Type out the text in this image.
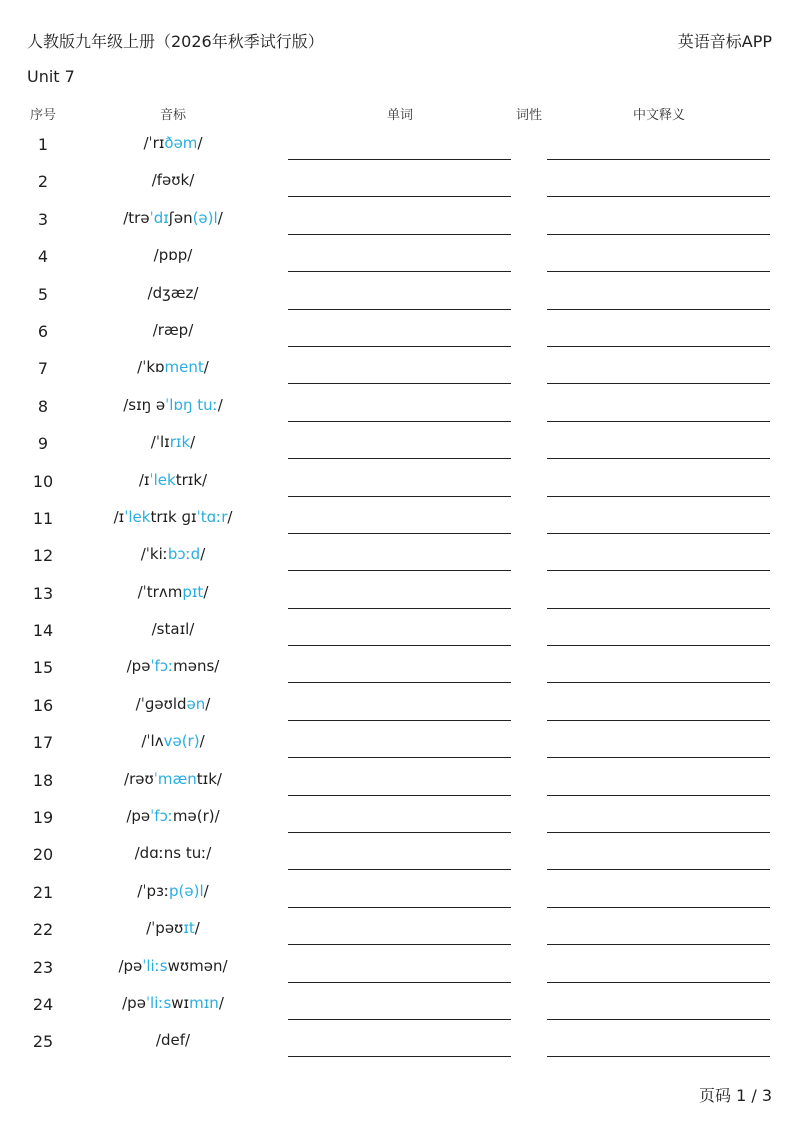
人教版九年级上册（2026年秋季试行版）	英语音标APP
Unit 7
序号	音标	单词	词性	中文释义
1	/ˈrɪðəm/
2	/fəʊk/
3	/trəˈdɪʃən(ə)l/
4	/pɒp/
5	/dʒæz/
6	/ræp/
7	/ˈkɒment/
8	/sɪŋ əˈlɒŋ tuː/
9	/ˈlɪrɪk/
10	/ɪˈlektrɪk/
11	/ɪˈlektrɪk ɡɪˈtɑːr/
12	/ˈkiːbɔːd/
13	/ˈtrʌmpɪt/
14	/staɪl/
15	/pəˈfɔːməns/
16	/ˈɡəʊldən/
17	/ˈlʌvə(r)/
18	/rəʊˈmæntɪk/
19	/pəˈfɔːmə(r)/
20	/dɑːns tuː/
21	/ˈpɜːp(ə)l/
22	/ˈpəʊɪt/
23	/pəˈliːswʊmən/
24	/pəˈliːswɪmɪn/
25	/def/
页码 1 / 3
